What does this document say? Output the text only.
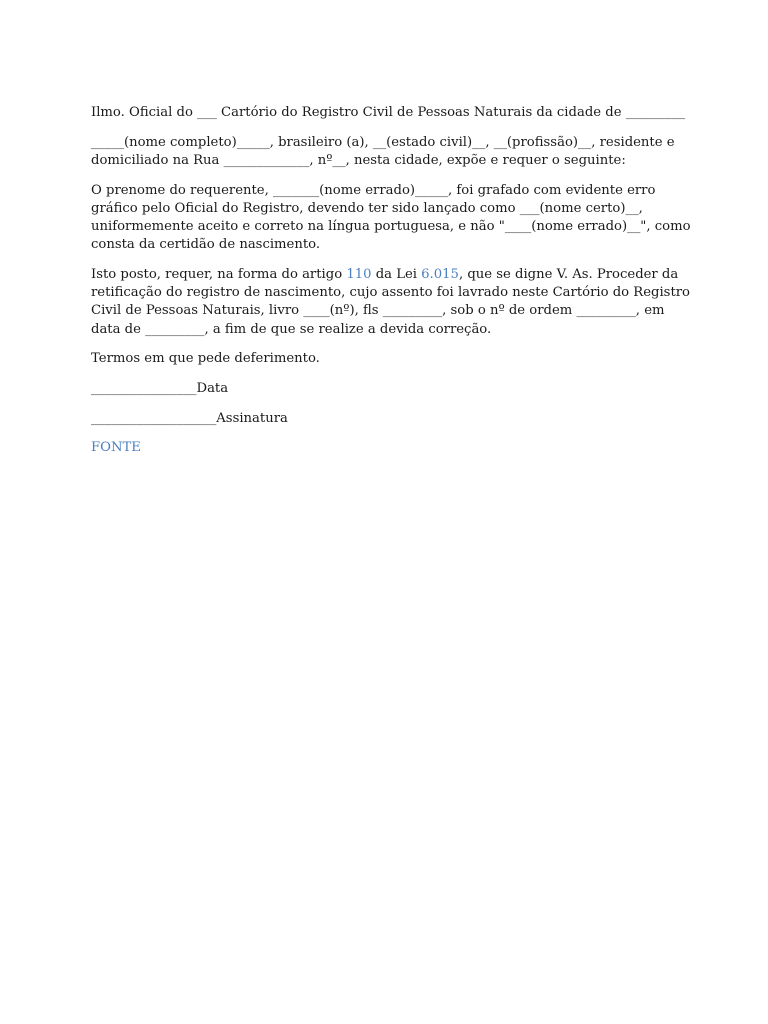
Ilmo. Oficial do ___ Cartório do Registro Civil de Pessoas Naturais da cidade de _________

_____(nome completo)_____, brasileiro (a), __(estado civil)__, __(profissão)__, residente e domiciliado na Rua _____________, nº__, nesta cidade, expõe e requer o seguinte:

O prenome do requerente, _______(nome errado)_____, foi grafado com evidente erro gráfico pelo Oficial do Registro, devendo ter sido lançado como ___(nome certo)__, uniformemente aceito e correto na língua portuguesa, e não "____(nome errado)__", como consta da certidão de nascimento.

Isto posto, requer, na forma do artigo 110 da Lei 6.015, que se digne V. As. Proceder da retificação do registro de nascimento, cujo assento foi lavrado neste Cartório do Registro Civil de Pessoas Naturais, livro ____(nº), fls _________, sob o nº de ordem _________, em data de _________, a fim de que se realize a devida correção.

Termos em que pede deferimento.

________________Data

___________________Assinatura

FONTE
